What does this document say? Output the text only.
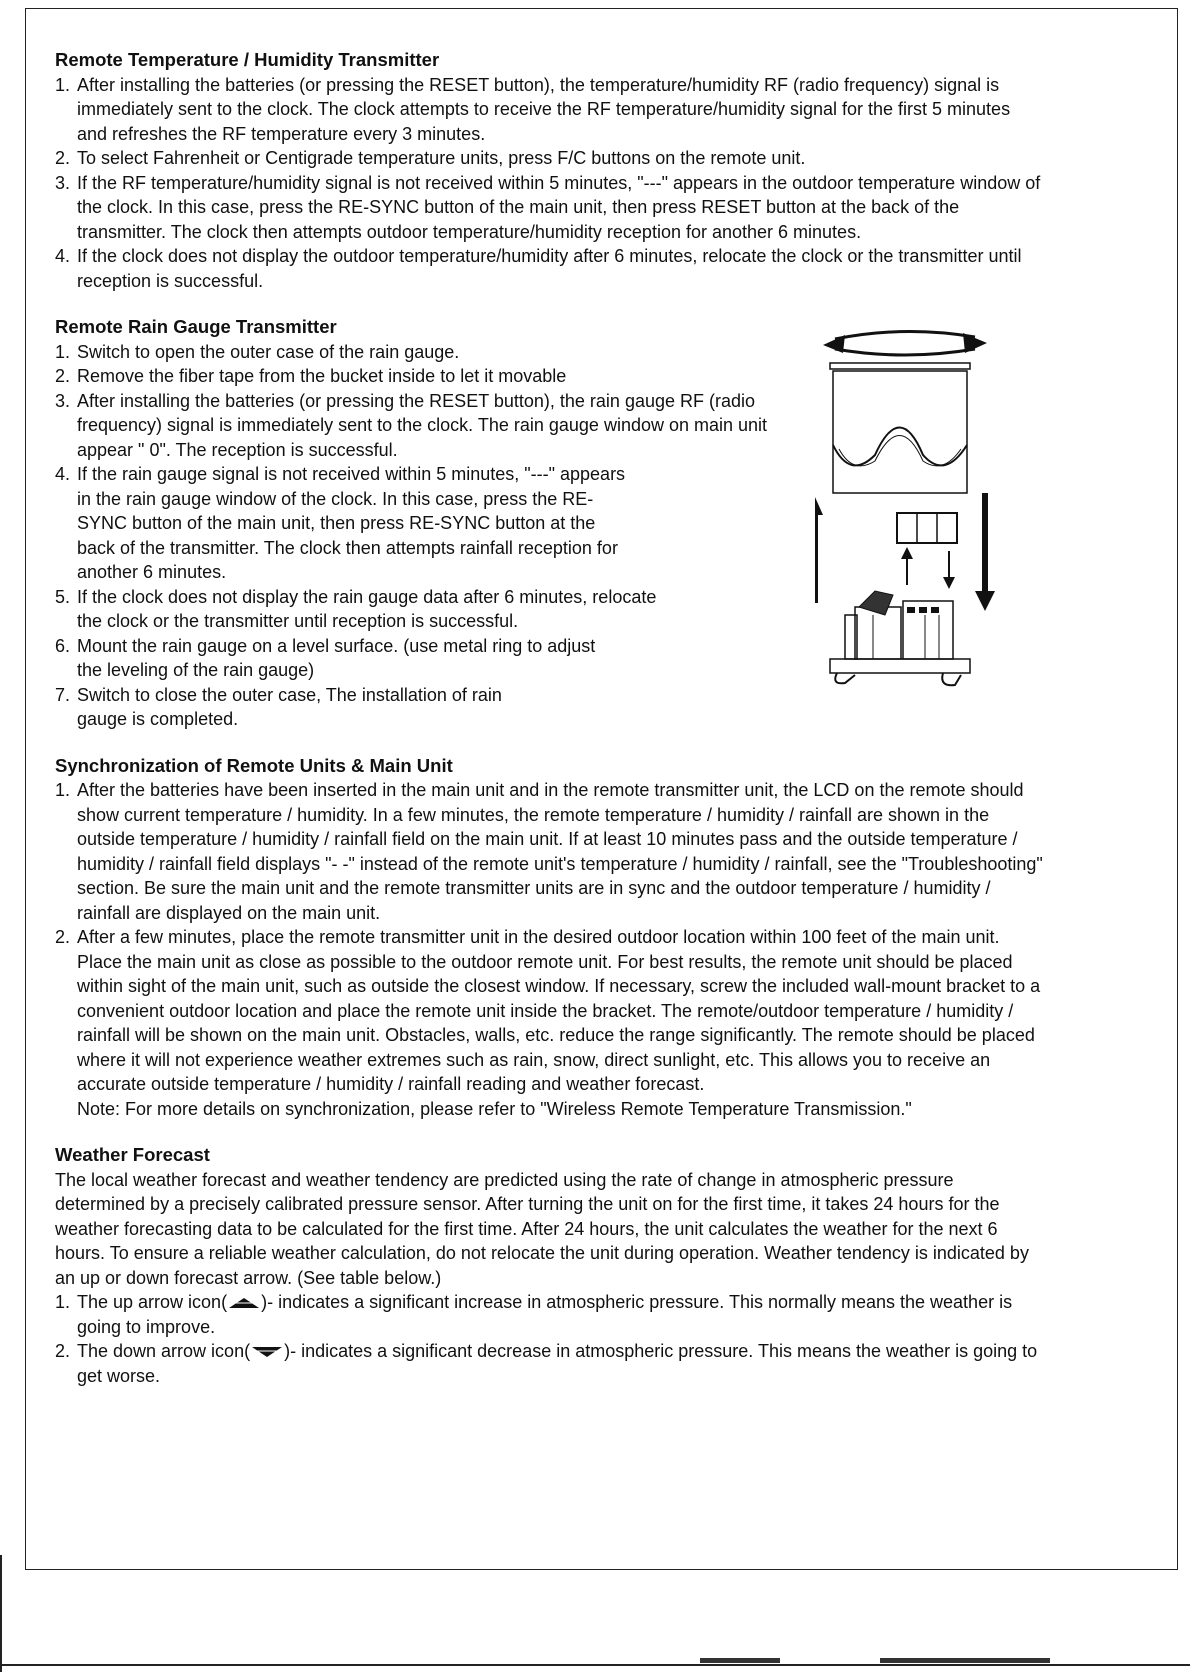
Remote Temperature / Humidity Transmitter
1. After installing the batteries (or pressing the RESET button), the temperature/humidity RF (radio frequency) signal is immediately sent to the clock. The clock attempts to receive the RF temperature/humidity signal for the first 5 minutes and refreshes the RF temperature every 3 minutes.
2. To select Fahrenheit or Centigrade temperature units, press F/C buttons on the remote unit.
3. If the RF temperature/humidity signal is not received within 5 minutes, "---" appears in the outdoor temperature window of the clock. In this case, press the RE-SYNC button of the main unit, then press RESET button at the back of the transmitter. The clock then attempts outdoor temperature/humidity reception for another 6 minutes.
4. If the clock does not display the outdoor temperature/humidity after 6 minutes, relocate the clock or the transmitter until reception is successful.
Remote Rain Gauge Transmitter
1. Switch to open the outer case of the rain gauge.
2. Remove the fiber tape from the bucket inside to let it movable
3. After installing the batteries (or pressing the RESET button), the rain gauge RF (radio frequency) signal is immediately sent to the clock. The rain gauge window on main unit appear " 0". The reception is successful.
4. If the rain gauge signal is not received within 5 minutes, "---" appears in the rain gauge window of the clock. In this case, press the RE-SYNC button of the main unit, then press RE-SYNC button at the back of the transmitter. The clock then attempts rainfall reception for another 6 minutes.
5. If the clock does not display the rain gauge data after 6 minutes, relocate the clock or the transmitter until reception is successful.
6. Mount the rain gauge on a level surface. (use metal ring to adjust the leveling of the rain gauge)
7. Switch to close the outer case, The installation of rain gauge is completed.
Synchronization of Remote Units & Main Unit
1. After the batteries have been inserted in the main unit and in the remote transmitter unit, the LCD on the remote should show current temperature / humidity. In a few minutes, the remote temperature / humidity / rainfall are shown in the outside temperature / humidity / rainfall field on the main unit. If at least 10 minutes pass and the outside temperature / humidity / rainfall field displays "- -" instead of the remote unit's temperature / humidity / rainfall, see the "Troubleshooting" section. Be sure the main unit and the remote transmitter units are in sync and the outdoor temperature / humidity / rainfall are displayed on the main unit.
2. After a few minutes, place the remote transmitter unit in the desired outdoor location within 100 feet of the main unit. Place the main unit as close as possible to the outdoor remote unit. For best results, the remote unit should be placed within sight of the main unit, such as outside the closest window. If necessary, screw the included wall-mount bracket to a convenient outdoor location and place the remote unit inside the bracket. The remote/outdoor temperature / humidity / rainfall will be shown on the main unit. Obstacles, walls, etc. reduce the range significantly. The remote should be placed where it will not experience weather extremes such as rain, snow, direct sunlight, etc. This allows you to receive an accurate outside temperature / humidity / rainfall reading and weather forecast.
Note: For more details on synchronization, please refer to "Wireless Remote Temperature Transmission."
Weather Forecast

The local weather forecast and weather tendency are predicted using the rate of change in atmospheric pressure determined by a precisely calibrated pressure sensor. After turning the unit on for the first time, it takes 24 hours for the weather forecasting data to be calculated for the first time. After 24 hours, the unit calculates the weather for the next 6 hours. To ensure a reliable weather calculation, do not relocate the unit during operation. Weather tendency is indicated by an up or down forecast arrow. (See table below.)

1. The up arrow icon( )- indicates a significant increase in atmospheric pressure. This normally means the weather is going to improve.
2. The down arrow icon( )- indicates a significant decrease in atmospheric pressure. This means the weather is going to get worse.
